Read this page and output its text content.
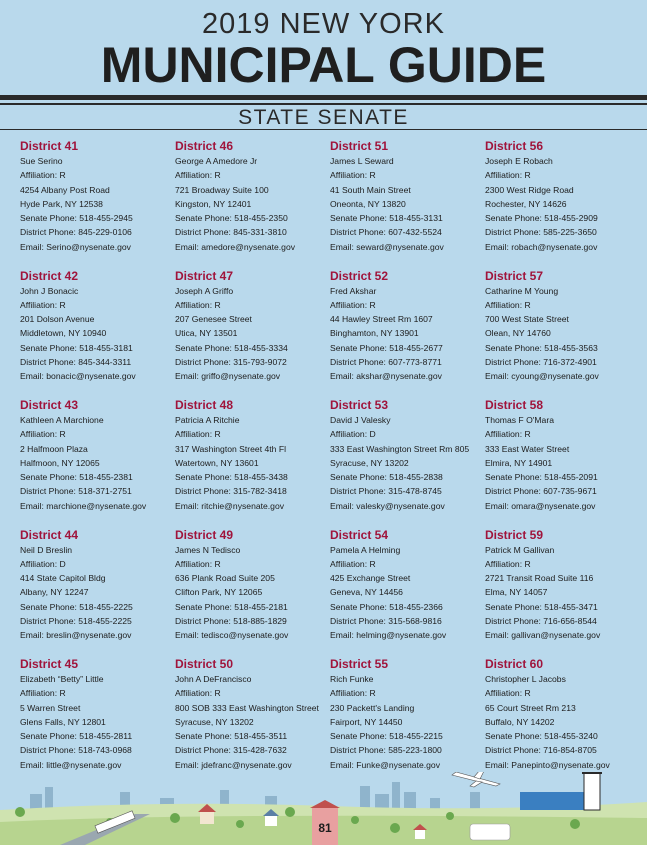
2019 NEW YORK
MUNICIPAL GUIDE
STATE SENATE
District 41
Sue Serino
Affiliation: R
4254 Albany Post Road
Hyde Park, NY 12538
Senate Phone: 518-455-2945
District Phone: 845-229-0106
Email: Serino@nysenate.gov
District 46
George A Amedore Jr
Affiliation: R
721 Broadway Suite 100
Kingston, NY 12401
Senate Phone: 518-455-2350
District Phone: 845-331-3810
Email: amedore@nysenate.gov
District 51
James L Seward
Affiliation: R
41 South Main Street
Oneonta, NY 13820
Senate Phone: 518-455-3131
District Phone: 607-432-5524
Email: seward@nysenate.gov
District 56
Joseph E Robach
Affiliation: R
2300 West Ridge Road
Rochester, NY 14626
Senate Phone: 518-455-2909
District Phone: 585-225-3650
Email: robach@nysenate.gov
District 42
John J Bonacic
Affiliation: R
201 Dolson Avenue
Middletown, NY 10940
Senate Phone: 518-455-3181
District Phone: 845-344-3311
Email: bonacic@nysenate.gov
District 47
Joseph A Griffo
Affiliation: R
207 Genesee Street
Utica, NY 13501
Senate Phone: 518-455-3334
District Phone: 315-793-9072
Email: griffo@nysenate.gov
District 52
Fred Akshar
Affiliation: R
44 Hawley Street Rm 1607
Binghamton, NY 13901
Senate Phone: 518-455-2677
District Phone: 607-773-8771
Email: akshar@nysenate.gov
District 57
Catharine M Young
Affiliation: R
700 West State Street
Olean, NY 14760
Senate Phone: 518-455-3563
District Phone: 716-372-4901
Email: cyoung@nysenate.gov
District 43
Kathleen A Marchione
Affiliation: R
2 Halfmoon Plaza
Halfmoon, NY 12065
Senate Phone: 518-455-2381
District Phone: 518-371-2751
Email: marchione@nysenate.gov
District 48
Patricia A Ritchie
Affiliation: R
317 Washington Street 4th Fl
Watertown, NY 13601
Senate Phone: 518-455-3438
District Phone: 315-782-3418
Email: ritchie@nysenate.gov
District 53
David J Valesky
Affiliation: D
333 East Washington Street Rm 805
Syracuse, NY 13202
Senate Phone: 518-455-2838
District Phone: 315-478-8745
Email: valesky@nysenate.gov
District 58
Thomas F O'Mara
Affiliation: R
333 East Water Street
Elmira, NY 14901
Senate Phone: 518-455-2091
District Phone: 607-735-9671
Email: omara@nysenate.gov
District 44
Neil D Breslin
Affiliation: D
414 State Capitol Bldg
Albany, NY 12247
Senate Phone: 518-455-2225
District Phone: 518-455-2225
Email: breslin@nysenate.gov
District 49
James N Tedisco
Affiliation: R
636 Plank Road Suite 205
Clifton Park, NY 12065
Senate Phone: 518-455-2181
District Phone: 518-885-1829
Email: tedisco@nysenate.gov
District 54
Pamela A Helming
Affiliation: R
425 Exchange Street
Geneva, NY 14456
Senate Phone: 518-455-2366
District Phone: 315-568-9816
Email: helming@nysenate.gov
District 59
Patrick M Gallivan
Affiliation: R
2721 Transit Road Suite 116
Elma, NY 14057
Senate Phone: 518-455-3471
District Phone: 716-656-8544
Email: gallivan@nysenate.gov
District 45
Elizabeth “Betty” Little
Affiliation: R
5 Warren Street
Glens Falls, NY 12801
Senate Phone: 518-455-2811
District Phone: 518-743-0968
Email: little@nysenate.gov
District 50
John A DeFrancisco
Affiliation: R
800 SOB 333 East Washington Street
Syracuse, NY 13202
Senate Phone: 518-455-3511
District Phone: 315-428-7632
Email: jdefranc@nysenate.gov
District 55
Rich Funke
Affiliation: R
230 Packett's Landing
Fairport, NY 14450
Senate Phone: 518-455-2215
District Phone: 585-223-1800
Email: Funke@nysenate.gov
District 60
Christopher L Jacobs
Affiliation: R
65 Court Street Rm 213
Buffalo, NY 14202
Senate Phone: 518-455-3240
District Phone: 716-854-8705
Email: Panepinto@nysenate.gov
81
